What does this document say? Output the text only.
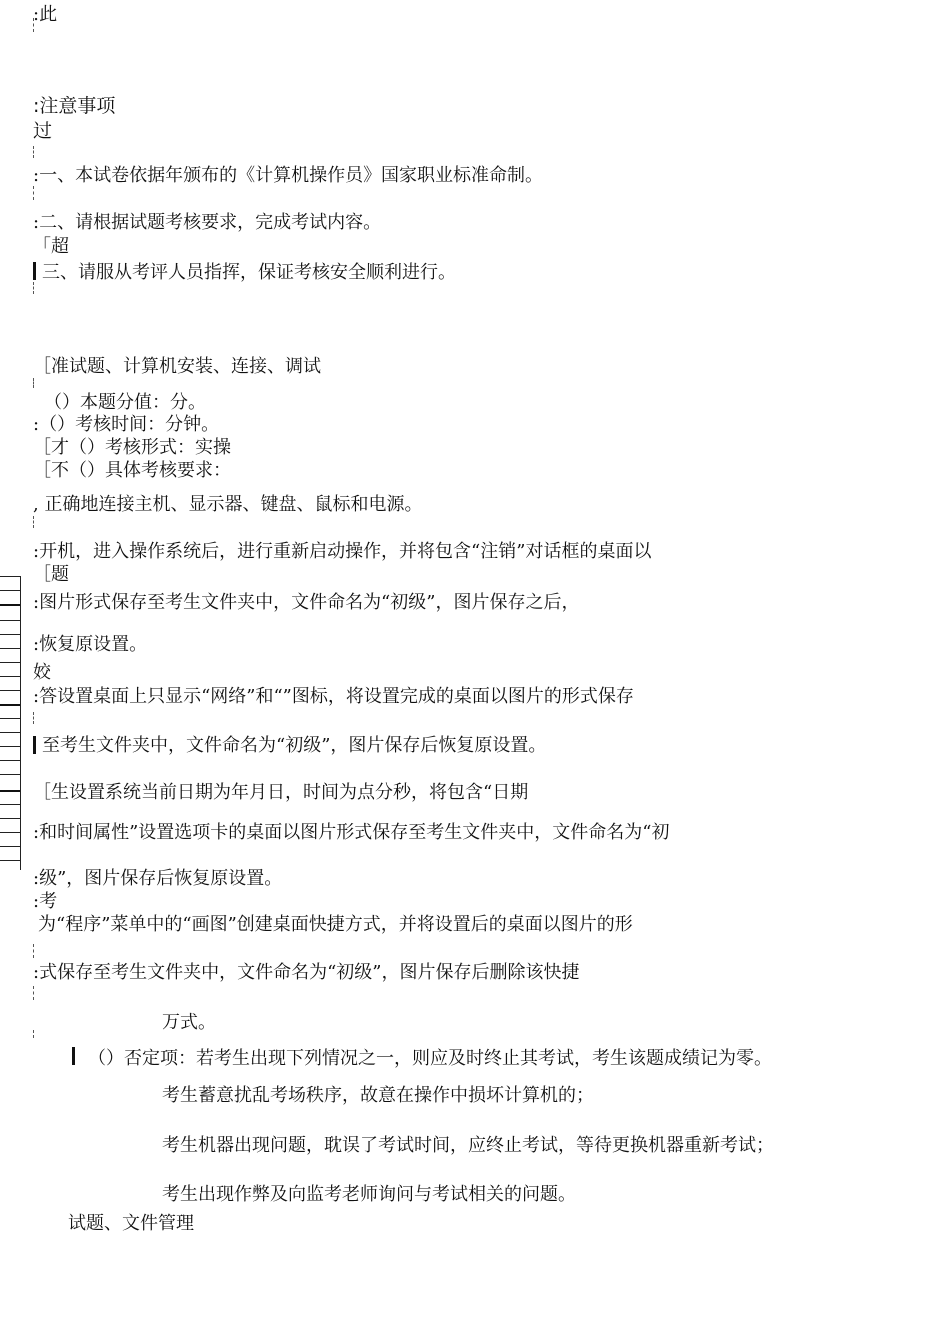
:此
:注意事项
过
:一、本试卷依据年颁布的《计算机操作员》国家职业标准命制。
:二、请根据试题考核要求，完成考试内容。
「超
三、请服从考评人员指挥，保证考核安全顺利进行。
［准试题、计算机安装、连接、调试
（）本题分值：分。
:（）考核时间：分钟。
［才（）考核形式：实操
［不（）具体考核要求：
, 正确地连接主机、显示器、键盘、鼠标和电源。
:开机，进入操作系统后，进行重新启动操作，并将包含“注销”对话框的桌面以
［题
:图片形式保存至考生文件夹中，文件命名为“初级”，图片保存之后，
:恢复原设置。
姣
:答设置桌面上只显示“网络”和“”图标，将设置完成的桌面以图片的形式保存
至考生文件夹中，文件命名为“初级”，图片保存后恢复原设置。
［生设置系统当前日期为年月日，时间为点分秒，将包含“日期
:和时间属性”设置选项卡的桌面以图片形式保存至考生文件夹中，文件命名为“初
:级”，图片保存后恢复原设置。
:考
为“程序”菜单中的“画图”创建桌面快捷方式，并将设置后的桌面以图片的形
:式保存至考生文件夹中，文件命名为“初级”，图片保存后删除该快捷
万式。
（）否定项：若考生出现下列情况之一，则应及时终止其考试，考生该题成绩记为零。
考生蓄意扰乱考场秩序，故意在操作中损坏计算机的；
考生机器出现问题，耽误了考试时间，应终止考试，等待更换机器重新考试；
考生出现作弊及向监考老师询问与考试相关的问题。
试题、文件管理
